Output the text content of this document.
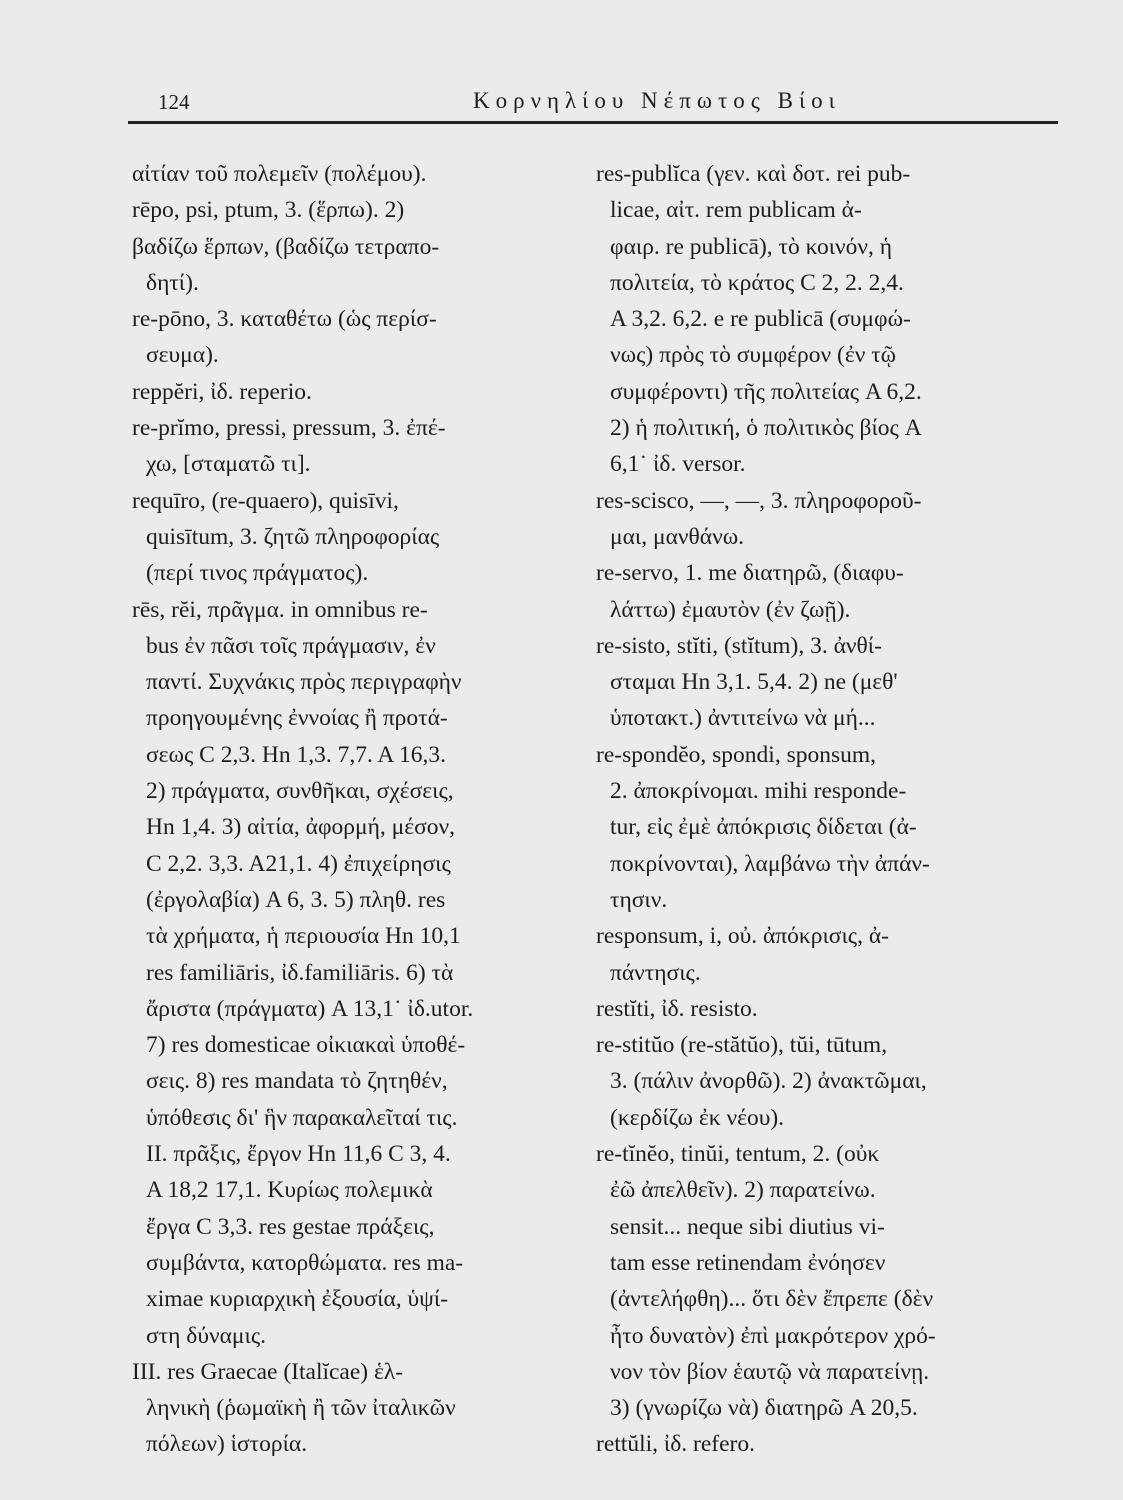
124	Κορνηλίου Νέπωτος Βίοι
αἰτίαν τοῦ πολεμεῖν (πολέμου).
rēpo, psi, ptum, 3. (ἕρπω). 2)
βαδίζω ἕρπων, (βαδίζω τετραπο-
δητί).
re-pōno, 3. καταθέτω (ὡς περίσ-
σευμα).
reppĕri, ἰδ. reperio.
re-prĭmo, pressi, pressum, 3. ἐπέ-
χω, [σταματῶ τι].
requīro, (re-quaero), quisīvi,
quisītum, 3. ζητῶ πληροφορίας
(περί τινος πράγματος).
rēs, rĕi, πρᾶγμα. in omnibus re-
bus ἐν πᾶσι τοῖς πράγμασιν, ἐν
παντί. Συχνάκις πρὸς περιγραφὴν
προηγουμένης ἐννοίας ἢ προτά-
σεως C 2,3. Hn 1,3. 7,7. A 16,3.
2) πράγματα, συνθῆκαι, σχέσεις,
Hn 1,4. 3) αἰτία, ἀφορμή, μέσον,
C 2,2. 3,3. A21,1. 4) ἐπιχείρησις
(ἐργολαβία) A 6, 3. 5) πληθ. res
τὰ χρήματα, ἡ περιουσία Hn 10,1
res familiāris, ἰδ.familiāris. 6) τὰ
ἄριστα (πράγματα) A 13,1˙ ἰδ.utor.
7) res domesticae οἰκιακαὶ ὑποθέ-
σεις. 8) res mandata τὸ ζητηθέν,
ὑπόθεσις δι' ἣν παρακαλεῖταί τις.
II. πρᾶξις, ἔργον Hn 11,6 C 3, 4.
A 18,2 17,1. Κυρίως πολεμικὰ
ἔργα C 3,3. res gestae πράξεις,
συμβάντα, κατορθώματα. res ma-
ximae κυριαρχικὴ ἐξουσία, ὑψί-
στη δύναμις.
III. res Graecae (Italĭcae) ἑλ-
ληνικὴ (ῥωμαϊκὴ ἢ τῶν ἰταλικῶν
πόλεων) ἱστορία.
res-publĭca (γεν. καὶ δοτ. rei pub-
licae, αἰτ. rem publicam ἀ-
φαιρ. re publicā), τὸ κοινόν, ἡ
πολιτεία, τὸ κράτος C 2, 2. 2,4.
A 3,2. 6,2. e re publicā (συμφώ-
νως) πρὸς τὸ συμφέρον (ἐν τῷ
συμφέροντι) τῆς πολιτείας A 6,2.
2) ἡ πολιτική, ὁ πολιτικὸς βίος A
6,1˙ ἰδ. versor.
res-scisco, —, —, 3. πληροφοροῦ-
μαι, μανθάνω.
re-servo, 1. me διατηρῶ, (διαφυ-
λάττω) ἐμαυτὸν (ἐν ζωῇ).
re-sisto, stĭti, (stĭtum), 3. ἀνθί-
σταμαι Hn 3,1. 5,4. 2) ne (μεθ'
ὑποτακτ.) ἀντιτείνω νὰ μή...
re-spondĕo, spondi, sponsum,
2. ἀποκρίνομαι. mihi responde-
tur, εἰς ἐμὲ ἀπόκρισις δίδεται (ἀ-
ποκρίνονται), λαμβάνω τὴν ἀπάν-
τησιν.
responsum, i, οὐ. ἀπόκρισις, ἀ-
πάντησις.
restĭti, ἰδ. resisto.
re-stitŭo (re-stătŭo), tŭi, tūtum,
3. (πάλιν ἀνορθῶ). 2) ἀνακτῶμαι,
(κερδίζω ἐκ νέου).
re-tĭnĕo, tinŭi, tentum, 2. (οὐκ
ἐῶ ἀπελθεῖν). 2) παρατείνω.
sensit... neque sibi diutius vi-
tam esse retinendam ἐνόησεν
(ἀντελήφθη)... ὅτι δὲν ἔπρεπε (δὲν
ἦτο δυνατὸν) ἐπὶ μακρότερον χρό-
νον τὸν βίον ἑαυτῷ νὰ παρατείνῃ.
3) (γνωρίζω νὰ) διατηρῶ A 20,5.
rettŭli, ἰδ. refero.
